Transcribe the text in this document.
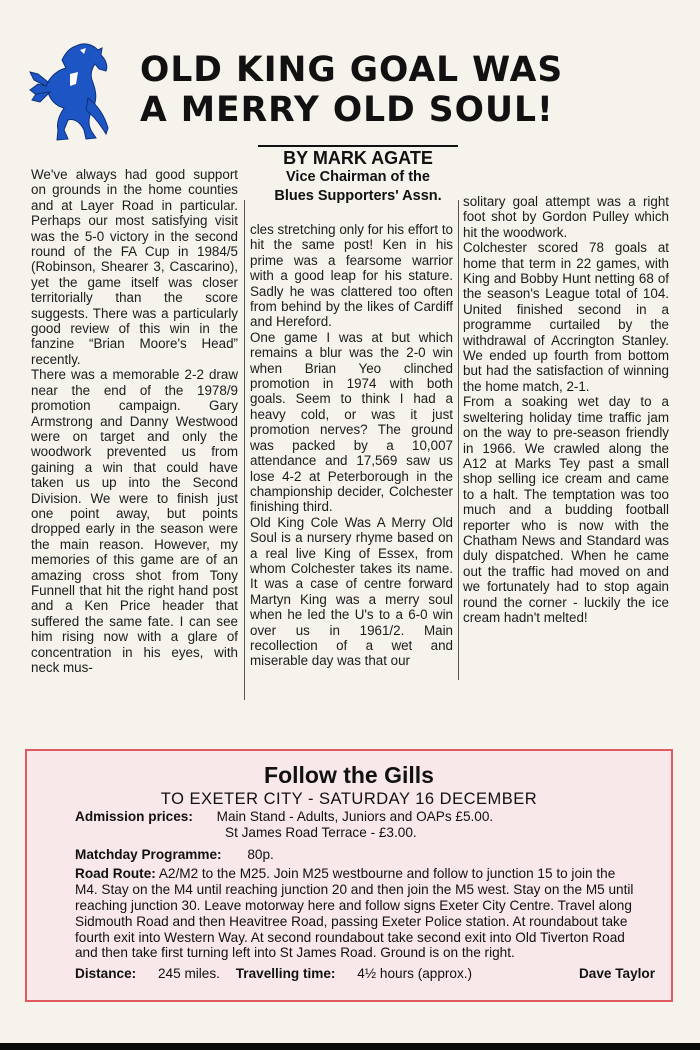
OLD KING GOAL WAS
A MERRY OLD SOUL!
BY MARK AGATE
Vice Chairman of the
Blues Supporters' Assn.

We've always had good support on grounds in the home counties and at Layer Road in particular. Perhaps our most satisfying visit was the 5-0 victory in the second round of the FA Cup in 1984/5 (Robinson, Shearer 3, Cascarino), yet the game itself was closer territorially than the score suggests. There was a particularly good review of this win in the fanzine “Brian Moore's Head” recently.

There was a memorable 2-2 draw near the end of the 1978/9 promotion campaign. Gary Armstrong and Danny Westwood were on target and only the woodwork prevented us from gaining a win that could have taken us up into the Second Division. We were to finish just one point away, but points dropped early in the season were the main reason. However, my memories of this game are of an amazing cross shot from Tony Funnell that hit the right hand post and a Ken Price header that suffered the same fate. I can see him rising now with a glare of concentration in his eyes, with neck mus-

cles stretching only for his effort to hit the same post! Ken in his prime was a fearsome warrior with a good leap for his stature. Sadly he was clattered too often from behind by the likes of Cardiff and Hereford.

One game I was at but which remains a blur was the 2-0 win when Brian Yeo clinched promotion in 1974 with both goals. Seem to think I had a heavy cold, or was it just promotion nerves? The ground was packed by a 10,007 attendance and 17,569 saw us lose 4-2 at Peterborough in the championship decider, Colchester finishing third.

Old King Cole Was A Merry Old Soul is a nursery rhyme based on a real live King of Essex, from whom Colchester takes its name. It was a case of centre forward Martyn King was a merry soul when he led the U's to a 6-0 win over us in 1961/2. Main recollection of a wet and miserable day was that our

solitary goal attempt was a right foot shot by Gordon Pulley which hit the woodwork.

Colchester scored 78 goals at home that term in 22 games, with King and Bobby Hunt netting 68 of the season's League total of 104. United finished second in a programme curtailed by the withdrawal of Accrington Stanley. We ended up fourth from bottom but had the satisfaction of winning the home match, 2-1.

From a soaking wet day to a sweltering holiday time traffic jam on the way to pre-season friendly in 1966. We crawled along the A12 at Marks Tey past a small shop selling ice cream and came to a halt. The temptation was too much and a budding football reporter who is now with the Chatham News and Standard was duly dispatched. When he came out the traffic had moved on and we fortunately had to stop again round the corner - luckily the ice cream hadn't melted!

Follow the Gills
TO EXETER CITY - SATURDAY 16 DECEMBER
Admission prices: Main Stand - Adults, Juniors and OAPs £5.00.
St James Road Terrace - £3.00.
Matchday Programme: 80p.
Road Route: A2/M2 to the M25. Join M25 westbourne and follow to junction 15 to join the M4. Stay on the M4 until reaching junction 20 and then join the M5 west. Stay on the M5 until reaching junction 30. Leave motorway here and follow signs Exeter City Centre. Travel along Sidmouth Road and then Heavitree Road, passing Exeter Police station. At roundabout take fourth exit into Western Way. At second roundabout take second exit into Old Tiverton Road and then take first turning left into St James Road. Ground is on the right.
Distance: 245 miles. Travelling time: 4½ hours (approx.)	Dave Taylor
